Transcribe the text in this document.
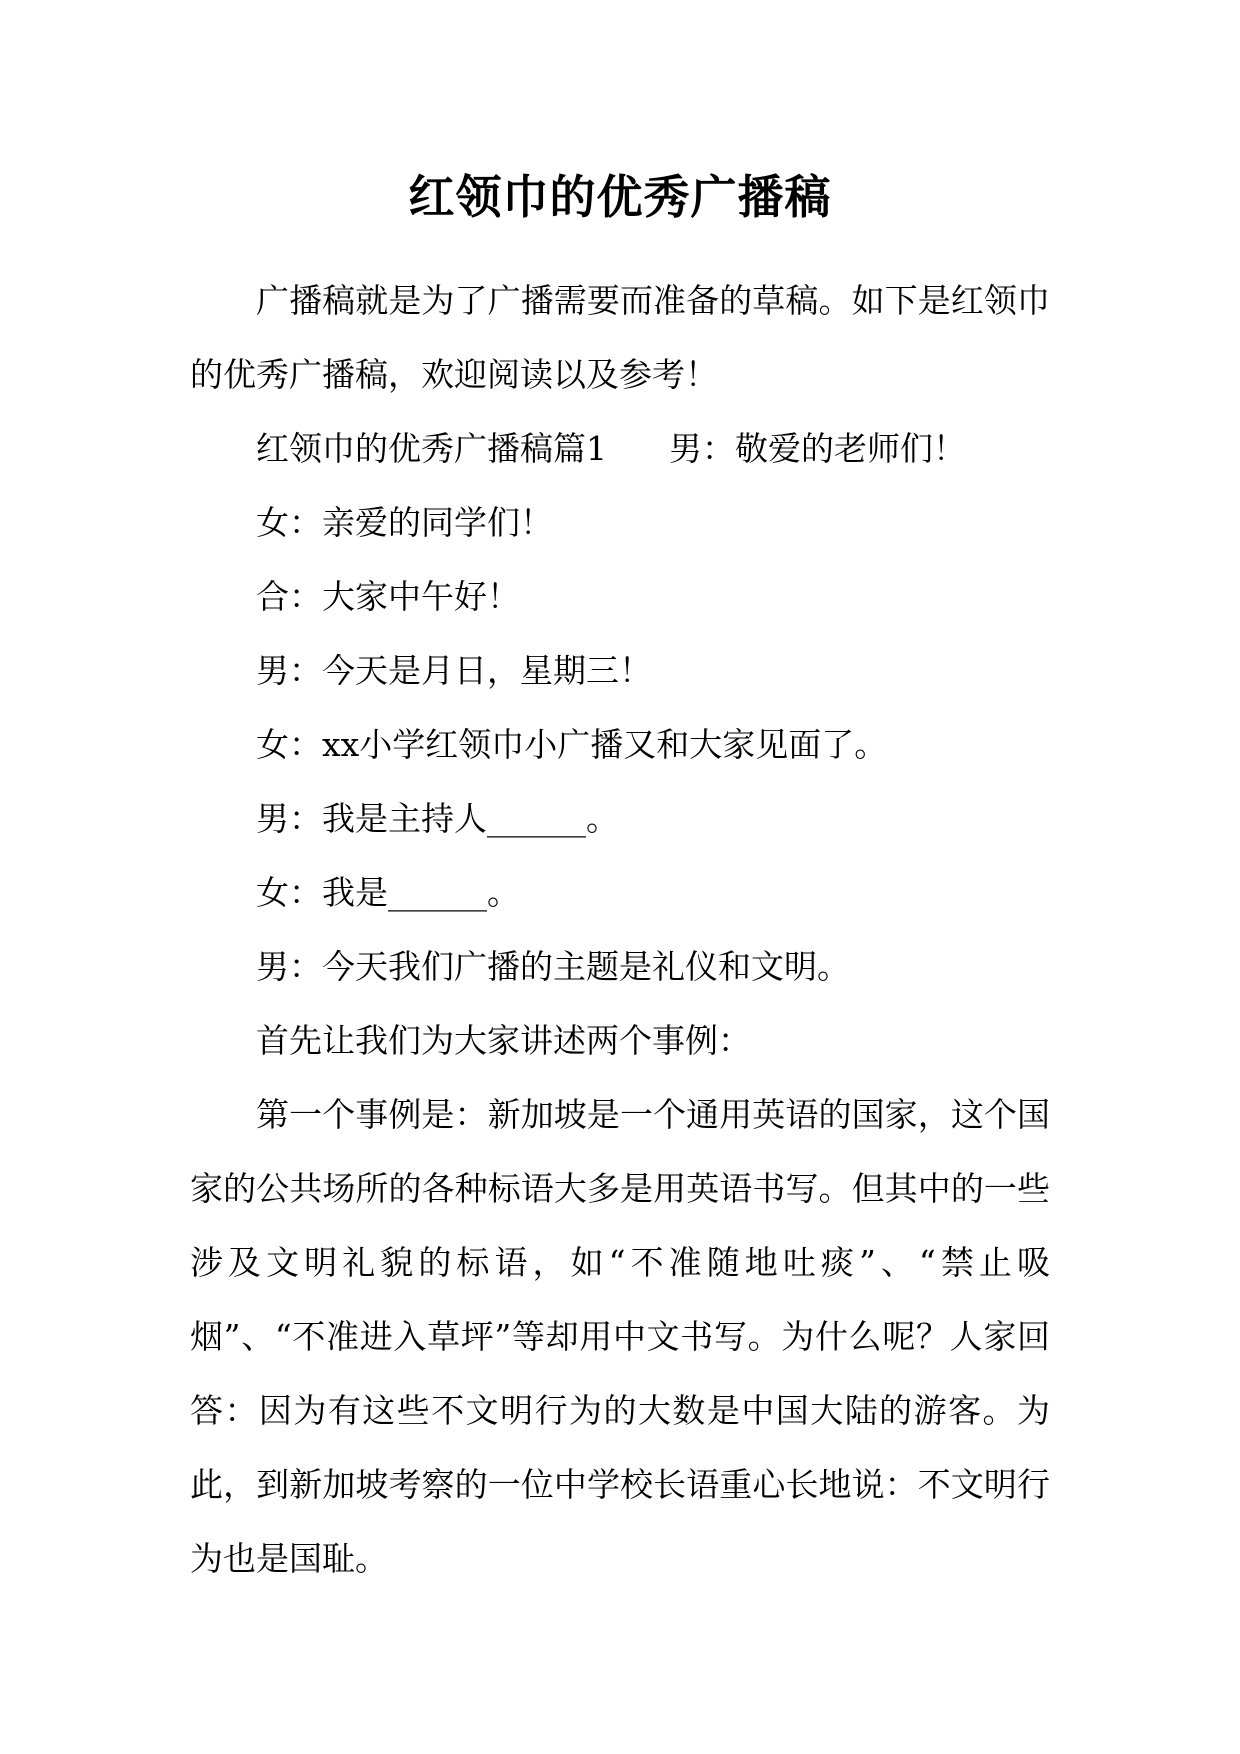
红领巾的优秀广播稿

广播稿就是为了广播需要而准备的草稿。如下是红领巾的优秀广播稿，欢迎阅读以及参考！

红领巾的优秀广播稿篇1 男：敬爱的老师们！

女：亲爱的同学们！

合：大家中午好！

男：今天是月日，星期三！

女：xx小学红领巾小广播又和大家见面了。

男：我是主持人______。

女：我是______。

男：今天我们广播的主题是礼仪和文明。

首先让我们为大家讲述两个事例：

第一个事例是：新加坡是一个通用英语的国家，这个国家的公共场所的各种标语大多是用英语书写。但其中的一些涉及文明礼貌的标语，如“不准随地吐痰”、“禁止吸烟”、“不准进入草坪”等却用中文书写。为什么呢？人家回答：因为有这些不文明行为的大数是中国大陆的游客。为此，到新加坡考察的一位中学校长语重心长地说：不文明行为也是国耻。
